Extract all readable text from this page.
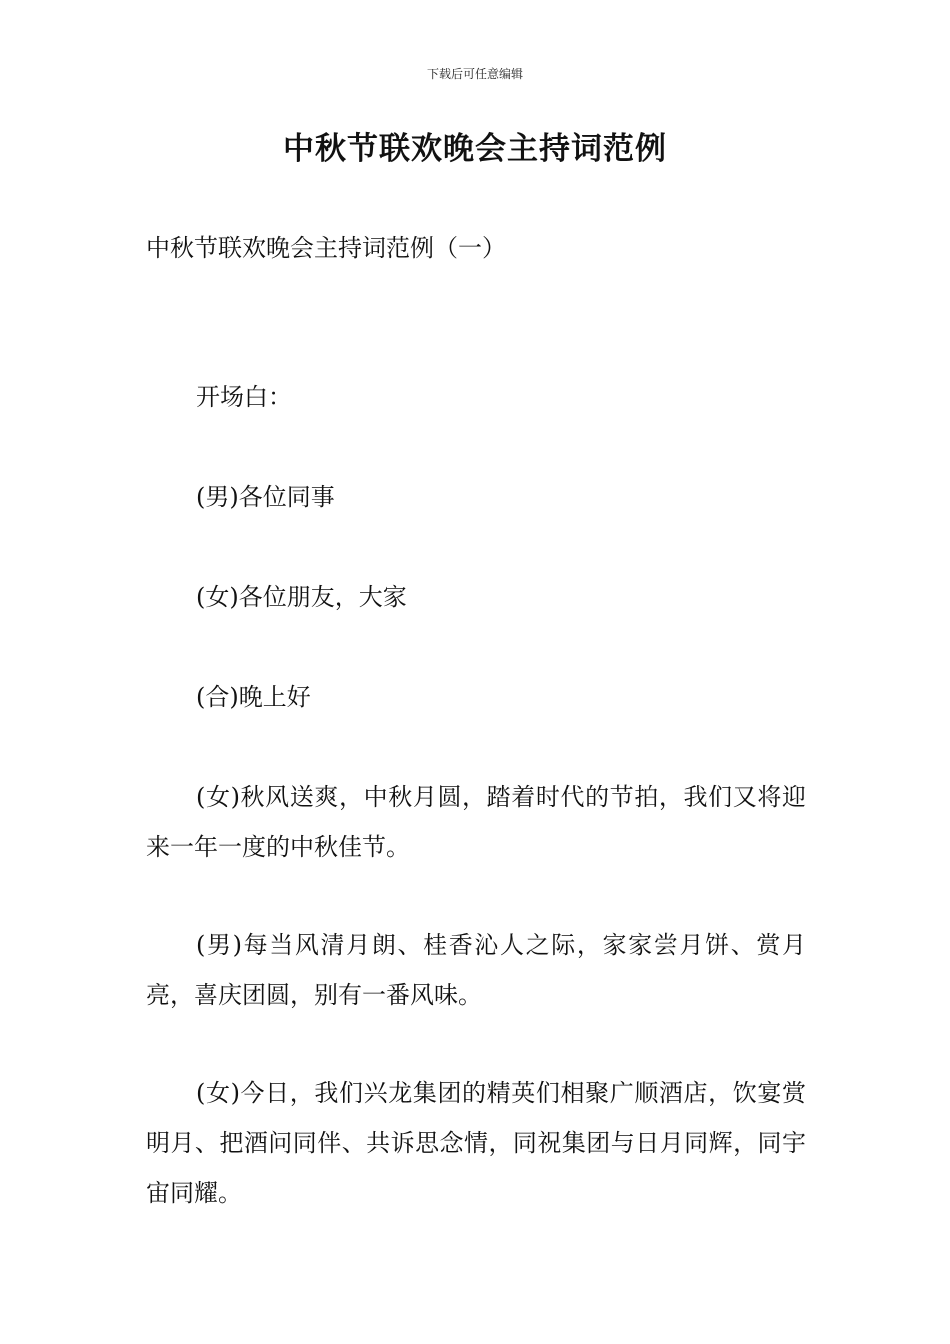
下载后可任意编辑
中秋节联欢晚会主持词范例

中秋节联欢晚会主持词范例（一）

开场白：

(男)各位同事

(女)各位朋友，大家

(合)晚上好

(女)秋风送爽，中秋月圆，踏着时代的节拍，我们又将迎来一年一度的中秋佳节。

(男)每当风清月朗、桂香沁人之际，家家尝月饼、赏月亮，喜庆团圆，别有一番风味。

(女)今日，我们兴龙集团的精英们相聚广顺酒店，饮宴赏明月、把酒问同伴、共诉思念情，同祝集团与日月同辉，同宇宙同耀。
